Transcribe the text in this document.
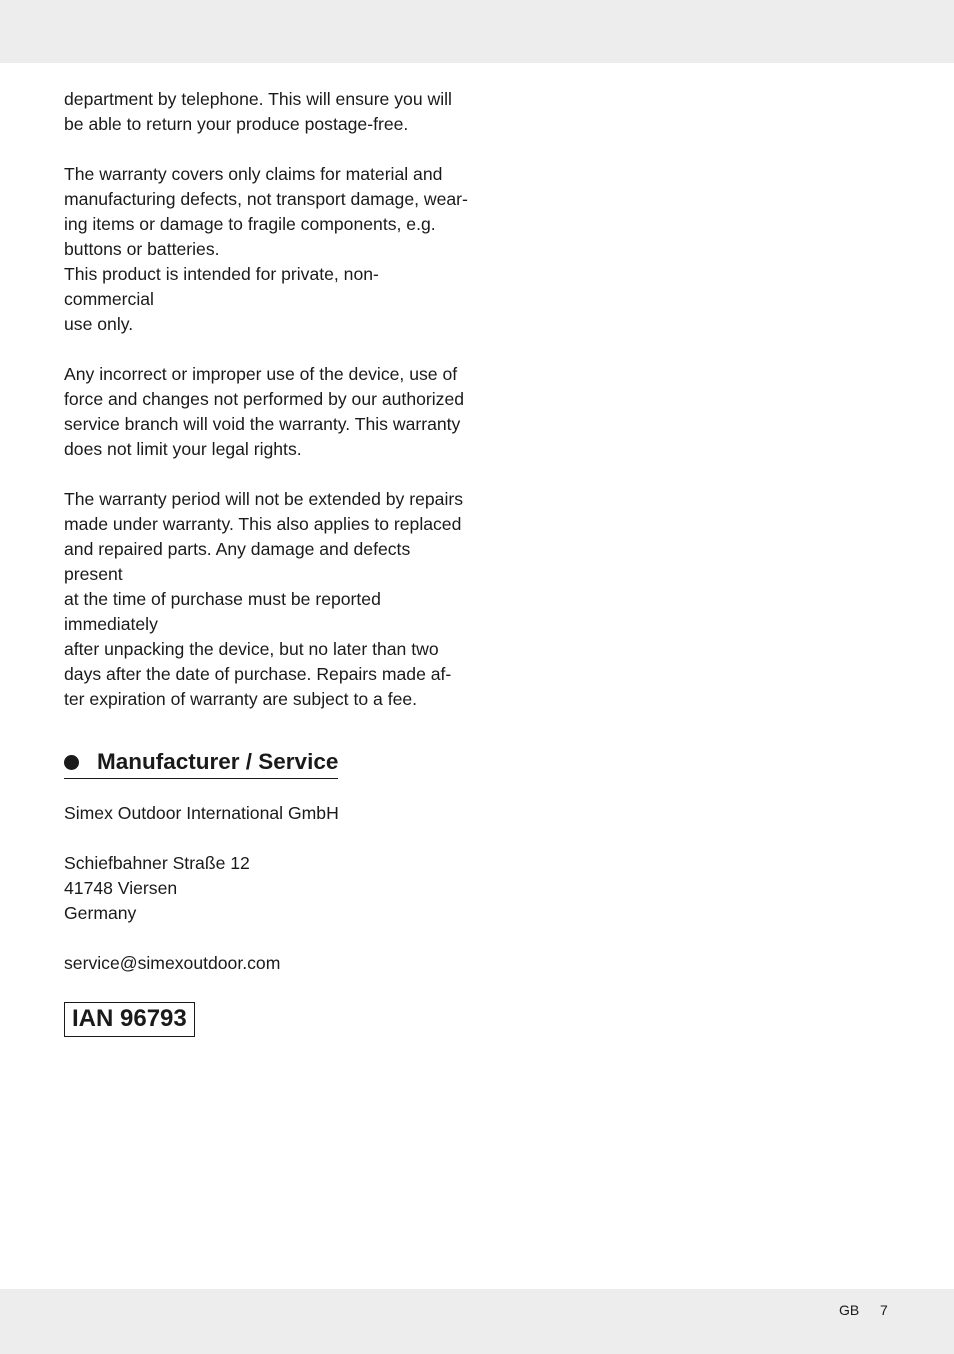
department by telephone. This will ensure you will
be able to return your produce postage-free.

The warranty covers only claims for material and
manufacturing defects, not transport damage, wear-
ing items or damage to fragile components, e.g.
buttons or batteries.
This product is intended for private, non-commercial
use only.

Any incorrect or improper use of the device, use of
force and changes not performed by our authorized
service branch will void the warranty. This warranty
does not limit your legal rights.

The warranty period will not be extended by repairs
made under warranty. This also applies to replaced
and repaired parts. Any damage and defects present
at the time of purchase must be reported immediately
after unpacking the device, but no later than two
days after the date of purchase. Repairs made af-
ter expiration of warranty are subject to a fee.

Manufacturer / Service

Simex Outdoor International GmbH

Schiefbahner Straße 12

41748 Viersen

Germany

service@simexoutdoor.com

IAN 96793
GB 7
